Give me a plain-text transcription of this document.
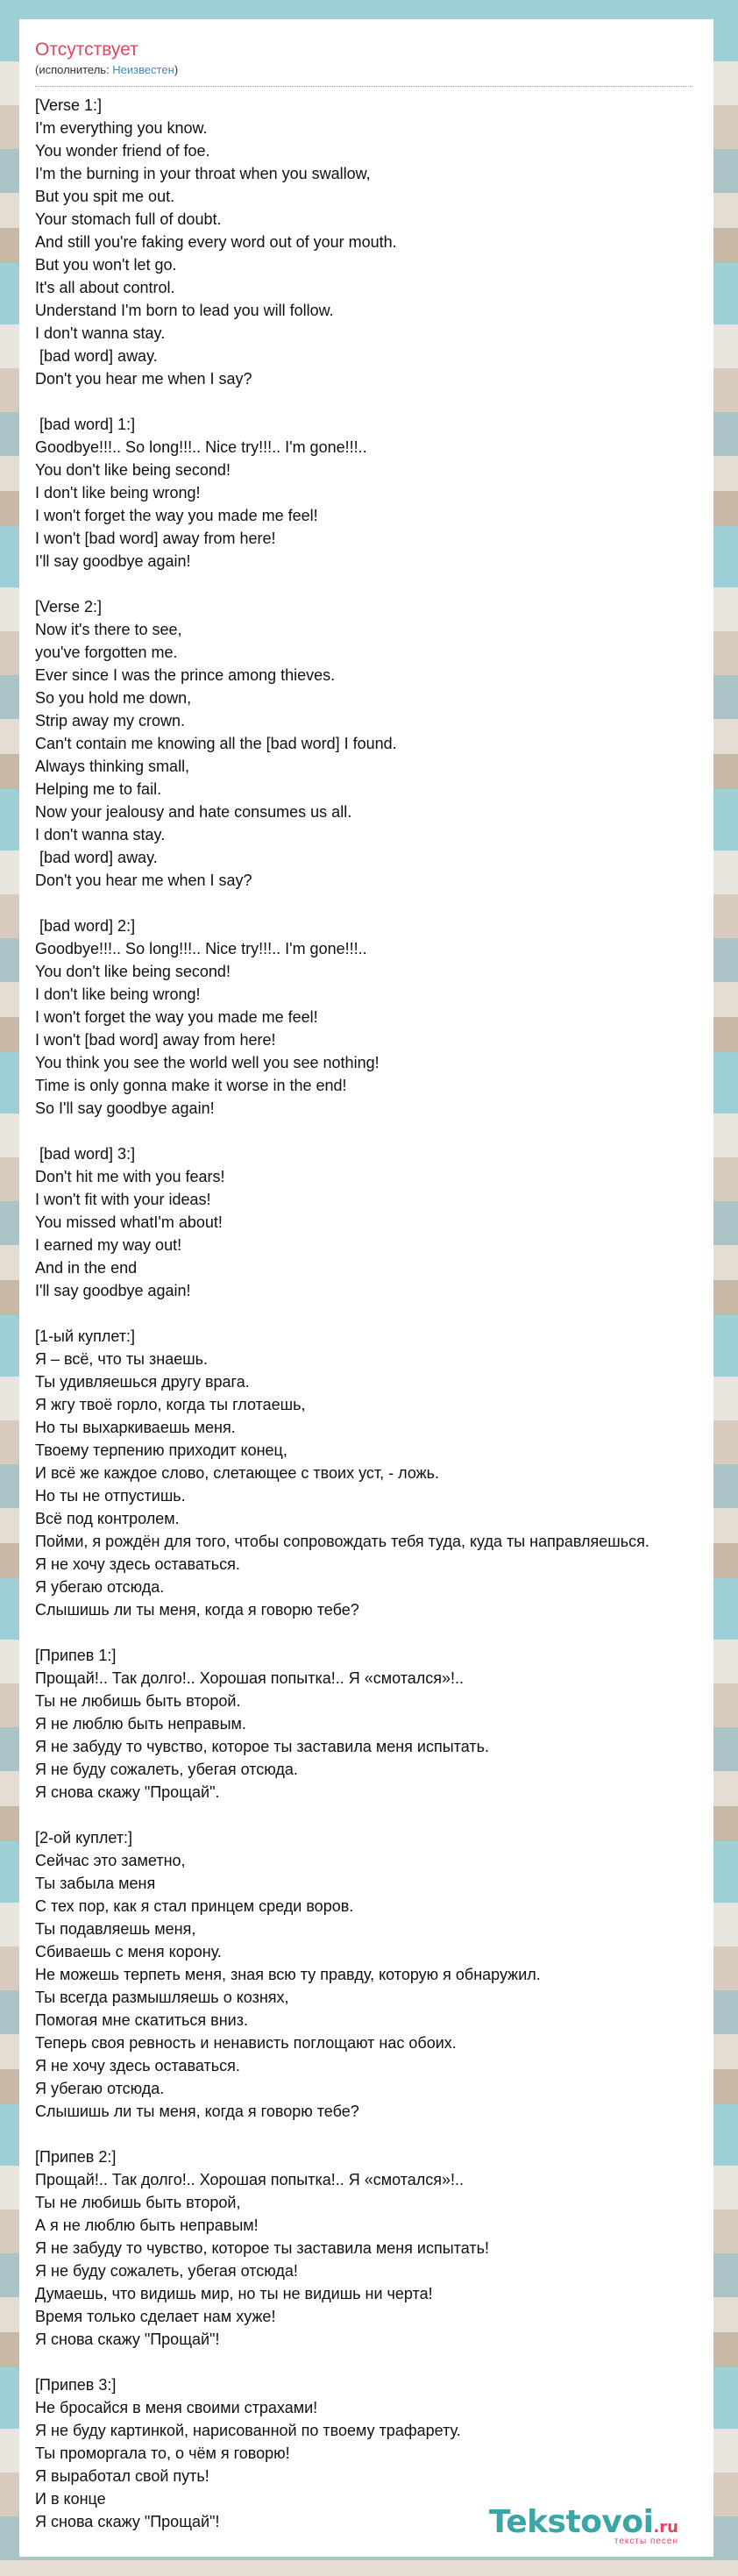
Отсутствует
(исполнитель: Неизвестен)
[Verse 1:]
I'm everything you know.
You wonder friend of foe.
I'm the burning in your throat when you swallow,
But you spit me out.
Your stomach full of doubt.
And still you're faking every word out of your mouth.
But you won't let go.
It's all about control.
Understand I'm born to lead you will follow.
I don't wanna stay.
[bad word] away.
Don't you hear me when I say?
[bad word] 1:]
Goodbye!!!.. So long!!!.. Nice try!!!.. I'm gone!!!..
You don't like being second!
I don't like being wrong!
I won't forget the way you made me feel!
I won't [bad word] away from here!
I'll say goodbye again!
[Verse 2:]
Now it's there to see,
you've forgotten me.
Ever since I was the prince among thieves.
So you hold me down,
Strip away my crown.
Can't contain me knowing all the [bad word] I found.
Always thinking small,
Helping me to fail.
Now your jealousy and hate consumes us all.
I don't wanna stay.
[bad word] away.
Don't you hear me when I say?
[bad word] 2:]
Goodbye!!!.. So long!!!.. Nice try!!!.. I'm gone!!!..
You don't like being second!
I don't like being wrong!
I won't forget the way you made me feel!
I won't [bad word] away from here!
You think you see the world well you see nothing!
Time is only gonna make it worse in the end!
So I'll say goodbye again!
[bad word] 3:]
Don't hit me with you fears!
I won't fit with your ideas!
You missed whatI'm about!
I earned my way out!
And in the end
I'll say goodbye again!
[1-ый куплет:]
Я – всё, что ты знаешь.
Ты удивляешься другу врага.
Я жгу твоё горло, когда ты глотаешь,
Но ты выхаркиваешь меня.
Твоему терпению приходит конец,
И всё же каждое слово, слетающее с твоих уст, - ложь.
Но ты не отпустишь.
Всё под контролем.
Пойми, я рождён для того, чтобы сопровождать тебя туда, куда ты направляешься.
Я не хочу здесь оставаться.
Я убегаю отсюда.
Слышишь ли ты меня, когда я говорю тебе?
[Припев 1:]
Прощай!.. Так долго!.. Хорошая попытка!.. Я «смотался»!..
Ты не любишь быть второй.
Я не люблю быть неправым.
Я не забуду то чувство, которое ты заставила меня испытать.
Я не буду сожалеть, убегая отсюда.
Я снова скажу "Прощай".
[2-ой куплет:]
Сейчас это заметно,
Ты забыла меня
С тех пор, как я стал принцем среди воров.
Ты подавляешь меня,
Сбиваешь с меня корону.
Не можешь терпеть меня, зная всю ту правду, которую я обнаружил.
Ты всегда размышляешь о кознях,
Помогая мне скатиться вниз.
Теперь своя ревность и ненависть поглощают нас обоих.
Я не хочу здесь оставаться.
Я убегаю отсюда.
Слышишь ли ты меня, когда я говорю тебе?
[Припев 2:]
Прощай!.. Так долго!.. Хорошая попытка!.. Я «смотался»!..
Ты не любишь быть второй,
А я не люблю быть неправым!
Я не забуду то чувство, которое ты заставила меня испытать!
Я не буду сожалеть, убегая отсюда!
Думаешь, что видишь мир, но ты не видишь ни черта!
Время только сделает нам хуже!
Я снова скажу "Прощай"!
[Припев 3:]
Не бросайся в меня своими страхами!
Я не буду картинкой, нарисованной по твоему трафарету.
Ты проморгала то, о чём я говорю!
Я выработал свой путь!
И в конце
Я снова скажу "Прощай"!	Tekstovoi.ru
тексты песен
